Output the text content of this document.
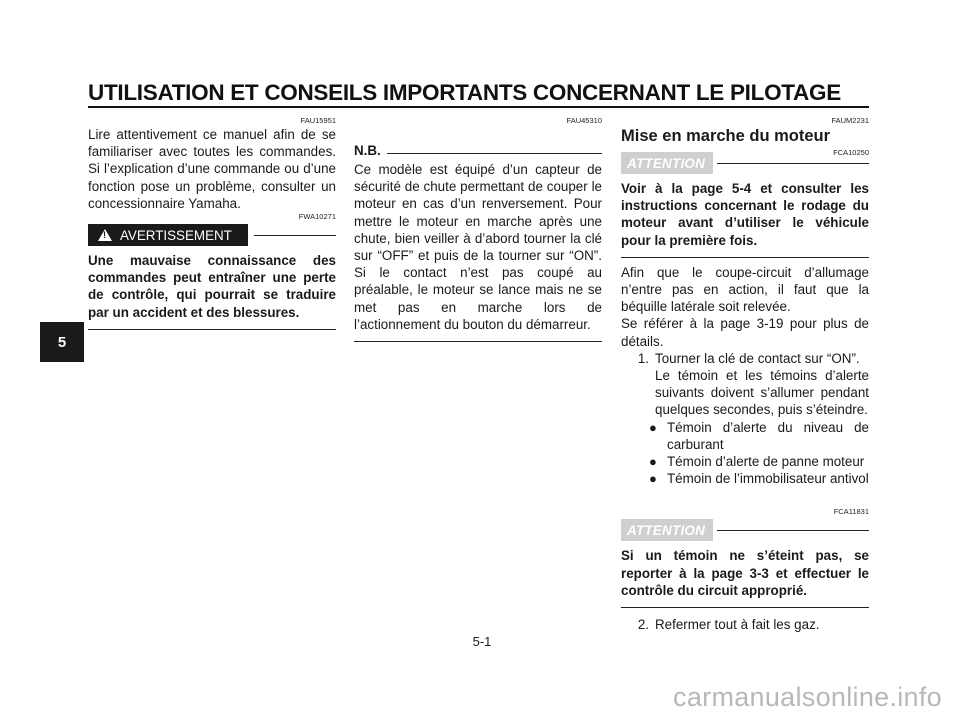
UTILISATION ET CONSEILS IMPORTANTS CONCERNANT LE PILOTAGE
5
FAU15951

Lire attentivement ce manuel afin de se familiariser avec toutes les commandes. Si l’explication d’une commande ou d’une fonction pose un problème, consulter un concessionnaire Yamaha.

FWA10271
!
AVERTISSEMENT

Une mauvaise connaissance des commandes peut entraîner une perte de contrôle, qui pourrait se traduire par un accident et des blessures.

FAU45310
N.B.

Ce modèle est équipé d’un capteur de sécurité de chute permettant de couper le moteur en cas d’un renversement. Pour mettre le moteur en marche après une chute, bien veiller à d’abord tourner la clé sur “OFF” et puis de la tourner sur “ON”. Si le contact n’est pas coupé au préalable, le moteur se lance mais ne se met pas en marche lors de l’actionnement du bouton du démarreur.

FAUM2231
Mise en marche du moteur
FCA10250
ATTENTION

Voir à la page 5-4 et consulter les instructions concernant le rodage du moteur avant d’utiliser le véhicule pour la première fois.

Afin que le coupe-circuit d’allumage n’entre pas en action, il faut que la béquille latérale soit relevée.

Se référer à la page 3-19 pour plus de détails.

1. Tourner la clé de contact sur “ON”.
Le témoin et les témoins d’alerte suivants doivent s’allumer pendant quelques secondes, puis s’éteindre.
● Témoin d’alerte du niveau de carburant
● Témoin d’alerte de panne moteur
● Témoin de l’immobilisateur antivol
FCA11831
ATTENTION

Si un témoin ne s’éteint pas, se reporter à la page 3-3 et effectuer le contrôle du circuit approprié.

2. Refermer tout à fait les gaz.
5-1
carmanualsonline.info
